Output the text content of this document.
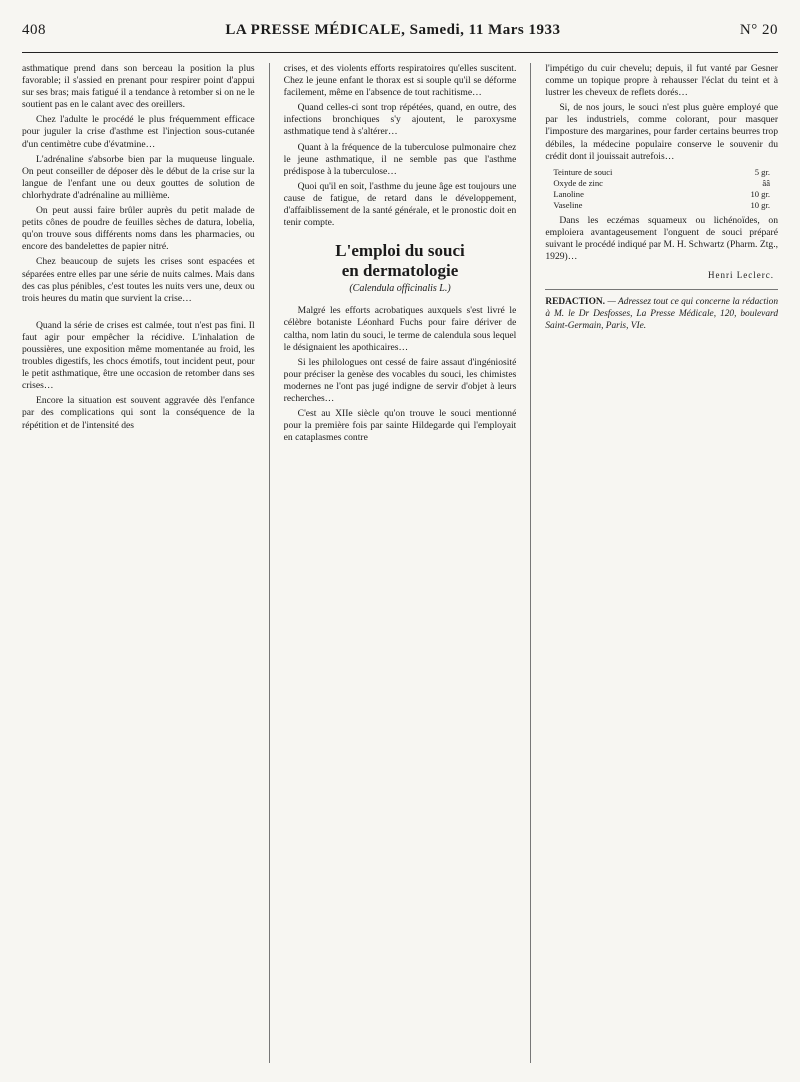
408	LA PRESSE MÉDICALE, Samedi, 11 Mars 1933	N° 20

asthmatique prend dans son berceau la position la plus favorable; il s'assied en prenant pour respirer point d'appui sur ses bras; mais fatigué il a tendance à retomber si on ne le soutient pas en le calant avec des oreillers.

Chez l'adulte le procédé le plus fréquemment efficace pour juguler la crise d'asthme est l'injection sous-cutanée d'un centimètre cube d'évatmine…

L'adrénaline s'absorbe bien par la muqueuse linguale. On peut conseiller de déposer dès le début de la crise sur la langue de l'enfant une ou deux gouttes de solution de chlorhydrate d'adrénaline au millième.

On peut aussi faire brûler auprès du petit malade de petits cônes de poudre de feuilles sèches de datura, lobelia, qu'on trouve sous différents noms dans les pharmacies, ou encore des bandelettes de papier nitré.

Chez beaucoup de sujets les crises sont espacées et séparées entre elles par une série de nuits calmes. Mais dans des cas plus pénibles, c'est toutes les nuits vers une, deux ou trois heures du matin que survient la crise…

Quand la série de crises est calmée, tout n'est pas fini. Il faut agir pour empêcher la récidive. L'inhalation de poussières, une exposition même momentanée au froid, les troubles digestifs, les chocs émotifs, tout incident peut, pour le petit asthmatique, être une occasion de retomber dans ses crises…

Encore la situation est souvent aggravée dès l'enfance par des complications qui sont la conséquence de la répétition et de l'intensité des

crises, et des violents efforts respiratoires qu'elles suscitent. Chez le jeune enfant le thorax est si souple qu'il se déforme facilement, même en l'absence de tout rachitisme…

Quand celles-ci sont trop répétées, quand, en outre, des infections bronchiques s'y ajoutent, le paroxysme asthmatique tend à s'altérer…

Quant à la fréquence de la tuberculose pulmonaire chez le jeune asthmatique, il ne semble pas que l'asthme prédispose à la tuberculose…

Quoi qu'il en soit, l'asthme du jeune âge est toujours une cause de fatigue, de retard dans le développement, d'affaiblissement de la santé générale, et le pronostic doit en tenir compte.

L'emploi du souci
en dermatologie
(Calendula officinalis L.)

Malgré les efforts acrobatiques auxquels s'est livré le célèbre botaniste Léonhard Fuchs pour faire dériver de caltha, nom latin du souci, le terme de calendula sous lequel le désignaient les apothicaires…

Si les philologues ont cessé de faire assaut d'ingéniosité pour préciser la genèse des vocables du souci, les chimistes modernes ne l'ont pas jugé indigne de servir d'objet à leurs recherches…

C'est au XIIe siècle qu'on trouve le souci mentionné pour la première fois par sainte Hildegarde qui l'employait en cataplasmes contre

l'impétigo du cuir chevelu; depuis, il fut vanté par Gesner comme un topique propre à rehausser l'éclat du teint et à lustrer les cheveux de reflets dorés…

Si, de nos jours, le souci n'est plus guère employé que par les industriels, comme colorant, pour masquer l'imposture des margarines, pour farder certains beurres trop débiles, la médecine populaire conserve le souvenir du crédit dont il jouissait autrefois…

Teinture de souci	5 gr.
Oxyde de zinc	ââ
Lanoline	10 gr.
Vaseline	10 gr.

Dans les eczémas squameux ou lichénoïdes, on emploiera avantageusement l'onguent de souci préparé suivant le procédé indiqué par M. H. Schwartz (Pharm. Ztg., 1929)…

Henri Leclerc.
REDACTION. — Adressez tout ce qui concerne la rédaction à M. le Dr Desfosses, La Presse Médicale, 120, boulevard Saint-Germain, Paris, VIe.
